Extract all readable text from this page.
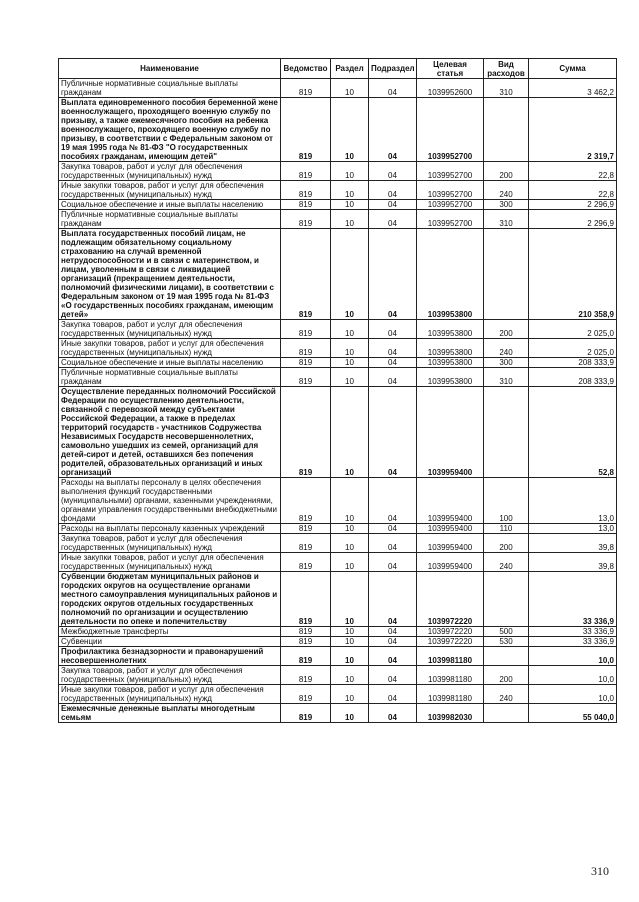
Наименование	Ведомство	Раздел	Подраздел	Целевая статья	Вид расходов	Сумма
Публичные нормативные социальные выплаты гражданам	819	10	04	1039952600	310	3 462,2
Выплата единовременного пособия беременной жене военнослужащего, проходящего военную службу по призыву, а также ежемесячного пособия на ребенка военнослужащего, проходящего военную службу по призыву, в соответствии с Федеральным законом от 19 мая 1995 года № 81-ФЗ "О государственных пособиях гражданам, имеющим детей"	819	10	04	1039952700		2 319,7
Закупка товаров, работ и услуг для обеспечения государственных (муниципальных) нужд	819	10	04	1039952700	200	22,8
Иные закупки товаров, работ и услуг для обеспечения государственных (муниципальных) нужд	819	10	04	1039952700	240	22,8
Социальное обеспечение и иные выплаты населению	819	10	04	1039952700	300	2 296,9
Публичные нормативные социальные выплаты гражданам	819	10	04	1039952700	310	2 296,9
Выплата государственных пособий лицам, не подлежащим обязательному социальному страхованию на случай временной нетрудоспособности и в связи с материнством, и лицам, уволенным в связи с ликвидацией организаций (прекращением деятельности, полномочий физическими лицами), в соответствии с Федеральным законом от 19 мая 1995 года № 81-ФЗ «О государственных пособиях гражданам, имеющим детей»	819	10	04	1039953800		210 358,9
Закупка товаров, работ и услуг для обеспечения государственных (муниципальных) нужд	819	10	04	1039953800	200	2 025,0
Иные закупки товаров, работ и услуг для обеспечения государственных (муниципальных) нужд	819	10	04	1039953800	240	2 025,0
Социальное обеспечение и иные выплаты населению	819	10	04	1039953800	300	208 333,9
Публичные нормативные социальные выплаты гражданам	819	10	04	1039953800	310	208 333,9
Осуществление переданных полномочий Российской Федерации по осуществлению деятельности, связанной с перевозкой между субъектами Российской Федерации, а также в пределах территорий государств - участников Содружества Независимых Государств несовершеннолетних, самовольно ушедших из семей, организаций для детей-сирот и детей, оставшихся без попечения родителей, образовательных организаций и иных организаций	819	10	04	1039959400		52,8
Расходы на выплаты персоналу в целях обеспечения выполнения функций государственными (муниципальными) органами, казенными учреждениями, органами управления государственными внебюджетными фондами	819	10	04	1039959400	100	13,0
Расходы на выплаты персоналу казенных учреждений	819	10	04	1039959400	110	13,0
Закупка товаров, работ и услуг для обеспечения государственных (муниципальных) нужд	819	10	04	1039959400	200	39,8
Иные закупки товаров, работ и услуг для обеспечения государственных (муниципальных) нужд	819	10	04	1039959400	240	39,8
Субвенции бюджетам муниципальных районов и городских округов на осуществление органами местного самоуправления муниципальных районов и городских округов отдельных государственных полномочий по организации и осуществлению деятельности по опеке и попечительству	819	10	04	1039972220		33 336,9
Межбюджетные трансферты	819	10	04	1039972220	500	33 336,9
Субвенции	819	10	04	1039972220	530	33 336,9
Профилактика безнадзорности и правонарушений несовершеннолетних	819	10	04	1039981180		10,0
Закупка товаров, работ и услуг для обеспечения государственных (муниципальных) нужд	819	10	04	1039981180	200	10,0
Иные закупки товаров, работ и услуг для обеспечения государственных (муниципальных) нужд	819	10	04	1039981180	240	10,0
Ежемесячные денежные выплаты многодетным семьям	819	10	04	1039982030		55 040,0
310
